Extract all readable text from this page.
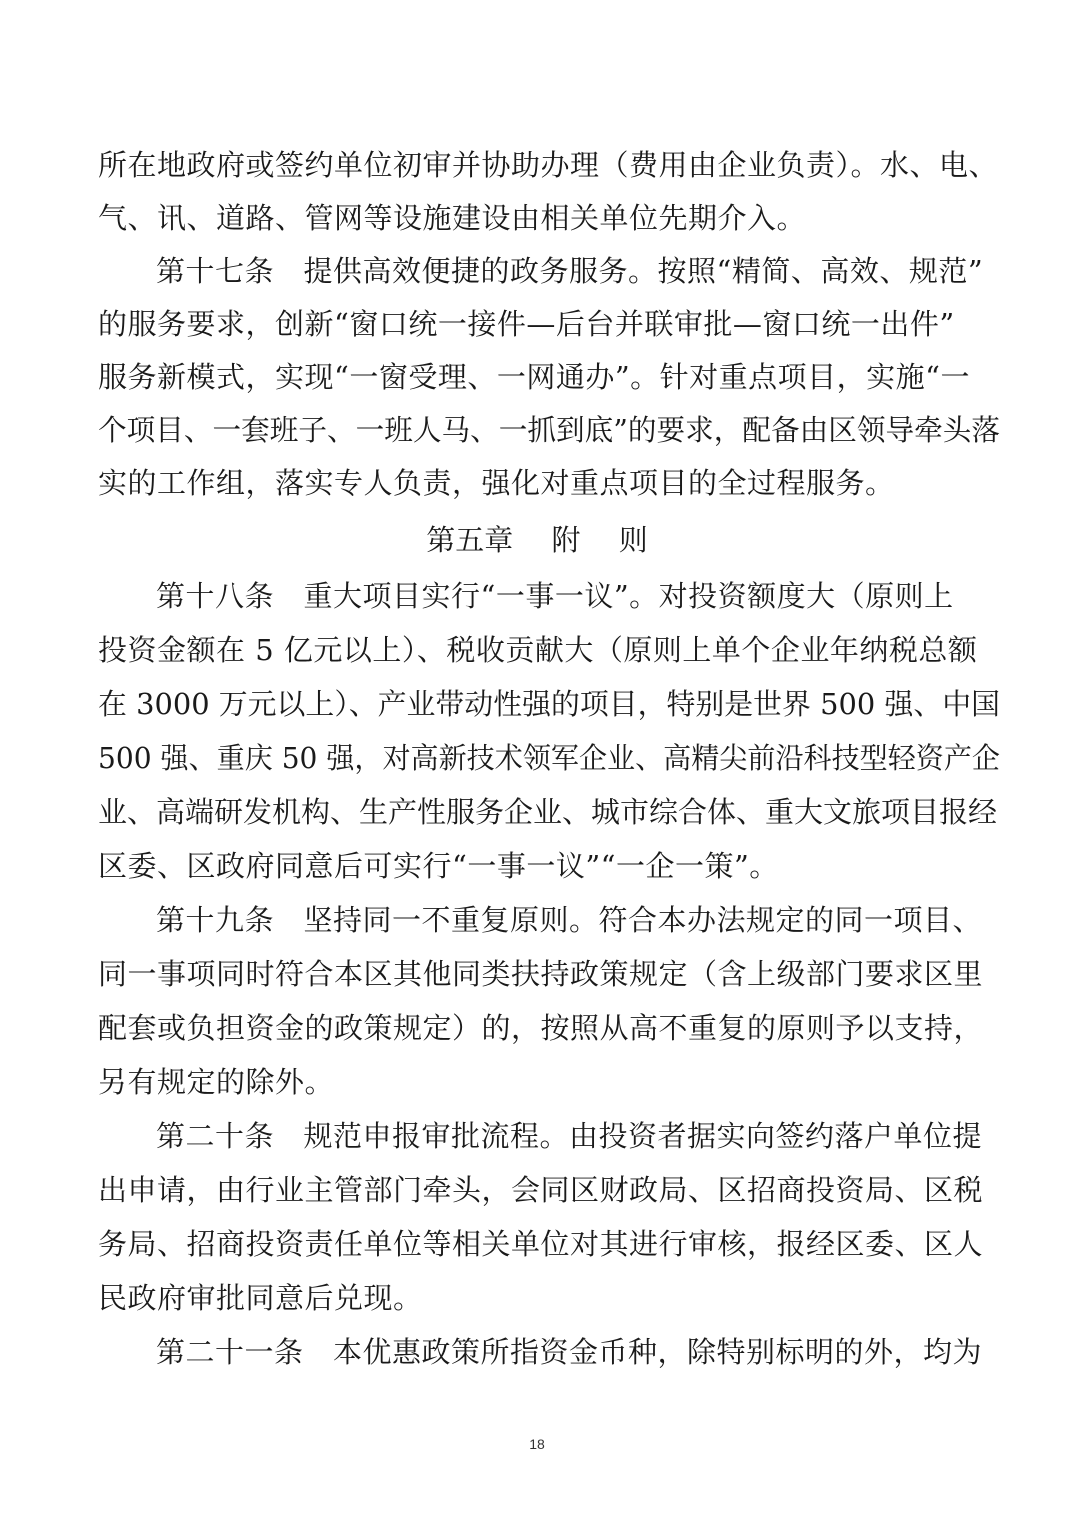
所在地政府或签约单位初审并协助办理（费用由企业负责）。水、电、
气、讯、道路、管网等设施建设由相关单位先期介入。
第十七条　提供高效便捷的政务服务。按照“精简、高效、规范”
的服务要求，创新“窗口统一接件—后台并联审批—窗口统一出件”
服务新模式，实现“一窗受理、一网通办”。针对重点项目，实施“一
个项目、一套班子、一班人马、一抓到底”的要求，配备由区领导牵头落
实的工作组，落实专人负责，强化对重点项目的全过程服务。
第五章　 附　 则
第十八条　重大项目实行“一事一议”。对投资额度大（原则上
投资金额在 5 亿元以上）、税收贡献大（原则上单个企业年纳税总额
在 3000 万元以上）、产业带动性强的项目，特别是世界 500 强、中国
500 强、重庆 50 强，对高新技术领军企业、高精尖前沿科技型轻资产企
业、高端研发机构、生产性服务企业、城市综合体、重大文旅项目报经
区委、区政府同意后可实行“一事一议”“一企一策”。
第十九条　坚持同一不重复原则。符合本办法规定的同一项目、
同一事项同时符合本区其他同类扶持政策规定（含上级部门要求区里
配套或负担资金的政策规定）的，按照从高不重复的原则予以支持，
另有规定的除外。
第二十条　规范申报审批流程。由投资者据实向签约落户单位提
出申请，由行业主管部门牵头，会同区财政局、区招商投资局、区税
务局、招商投资责任单位等相关单位对其进行审核，报经区委、区人
民政府审批同意后兑现。
第二十一条　本优惠政策所指资金币种，除特别标明的外，均为
18
